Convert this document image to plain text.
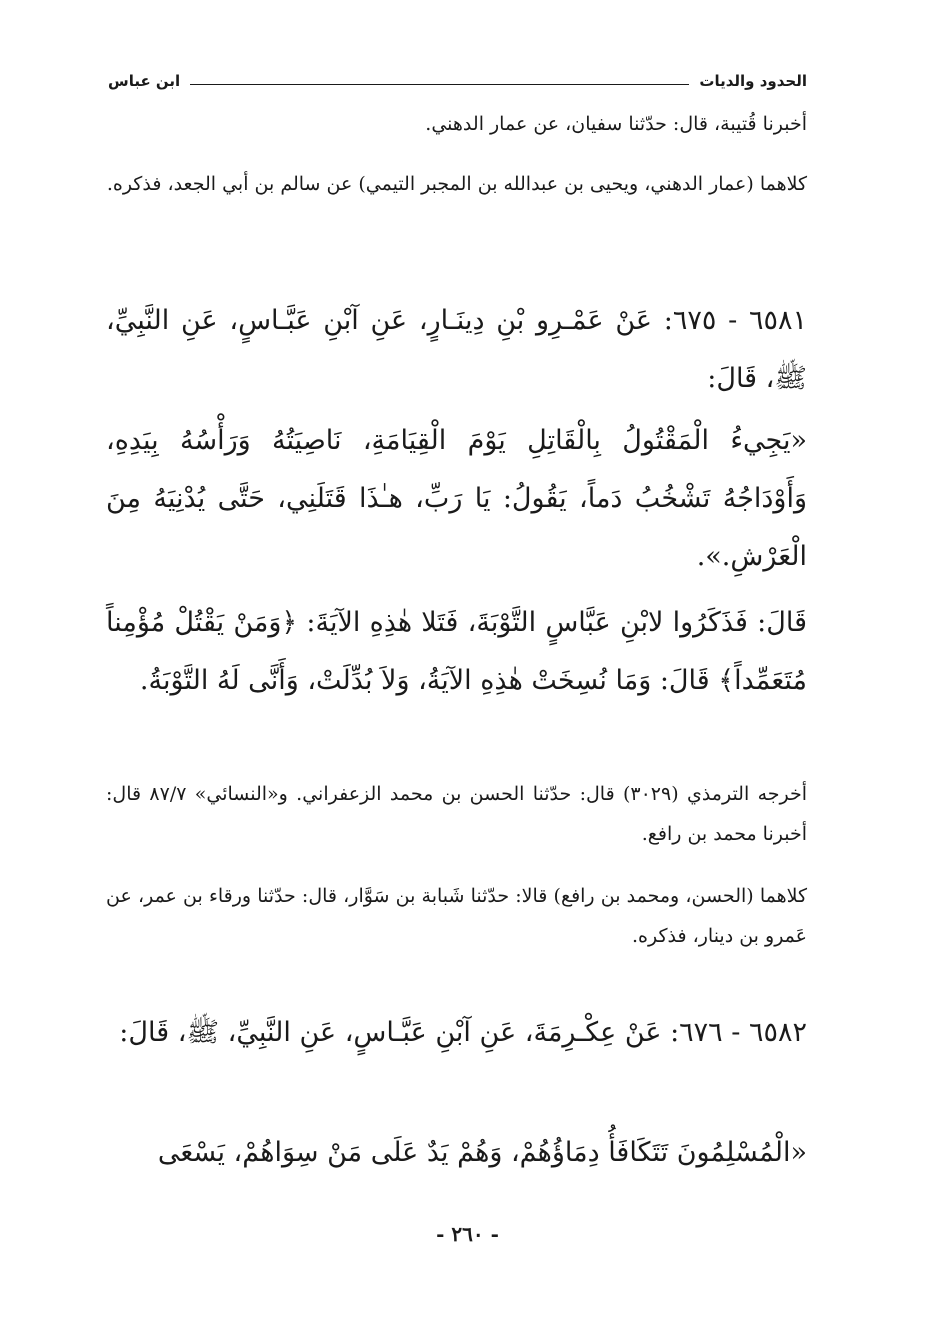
الحدود والديات
ابن عباس
أخبرنا قُتيبة، قال: حدّثنا سفيان، عن عمار الدهني.
كلاهما (عمار الدهني، ويحيى بن عبدالله بن المجبر التيمي) عن سالم بن أبي الجعد، فذكره.
٦٥٨١ - ٦٧٥: عَنْ عَمْـرِو بْنِ دِينَـارٍ، عَنِ آبْنِ عَبَّـاسٍ، عَنِ النَّبِيِّ، ﷺ، قَالَ:
«يَجِيءُ الْمَقْتُولُ بِالْقَاتِلِ يَوْمَ الْقِيَامَةِ، نَاصِيَتُهُ وَرَأْسُهُ بِيَدِهِ، وَأَوْدَاجُهُ تَشْخُبُ دَماً، يَقُولُ: يَا رَبِّ، هـٰذَا قَتَلَنِي، حَتَّى يُدْنِيَهُ مِنَ الْعَرْشِ.».
قَالَ: فَذَكَرُوا لابْنِ عَبَّاسٍ التَّوْبَةَ، فَتَلا هٰذِهِ الآيَةَ: ﴿وَمَنْ يَقْتُلْ مُؤْمِناً مُتَعَمِّداً﴾ قَالَ: وَمَا نُسِخَتْ هٰذِهِ الآيَةُ، وَلاَ بُدِّلَتْ، وَأَنَّى لَهُ التَّوْبَةُ.
أخرجه الترمذي (٣٠٢٩) قال: حدّثنا الحسن بن محمد الزعفراني. و«النسائي» ٨٧/٧ قال: أخبرنا محمد بن رافع.
كلاهما (الحسن، ومحمد بن رافع) قالا: حدّثنا شَبابة بن سَوَّار، قال: حدّثنا ورقاء بن عمر، عن عَمرو بن دينار، فذكره.
٦٥٨٢ - ٦٧٦: عَنْ عِكْـرِمَةَ، عَنِ آبْنِ عَبَّـاسٍ، عَنِ النَّبِيِّ، ﷺ، قَالَ:
«الْمُسْلِمُونَ تَتَكَافَأُ دِمَاؤُهُمْ، وَهُمْ يَدٌ عَلَى مَنْ سِوَاهُمْ، يَسْعَى
- ٢٦٠ -
